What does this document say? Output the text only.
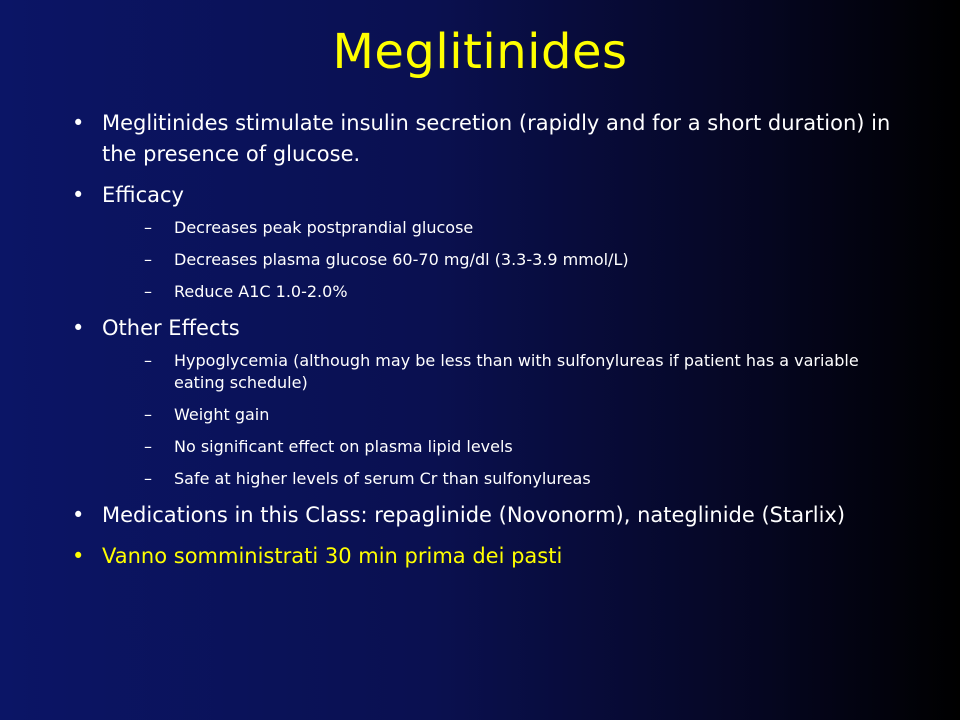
Meglitinides
• Meglitinides stimulate insulin secretion (rapidly and for a short duration) in the presence of glucose.
• Efficacy
– Decreases peak postprandial glucose
– Decreases plasma glucose 60-70 mg/dl (3.3-3.9 mmol/L)
– Reduce A1C 1.0-2.0%
• Other Effects
– Hypoglycemia (although may be less than with sulfonylureas if patient has a variable eating schedule)
– Weight gain
– No significant effect on plasma lipid levels
– Safe at higher levels of serum Cr than sulfonylureas
• Medications in this Class: repaglinide (Novonorm), nateglinide (Starlix)
• Vanno somministrati 30 min prima dei pasti
